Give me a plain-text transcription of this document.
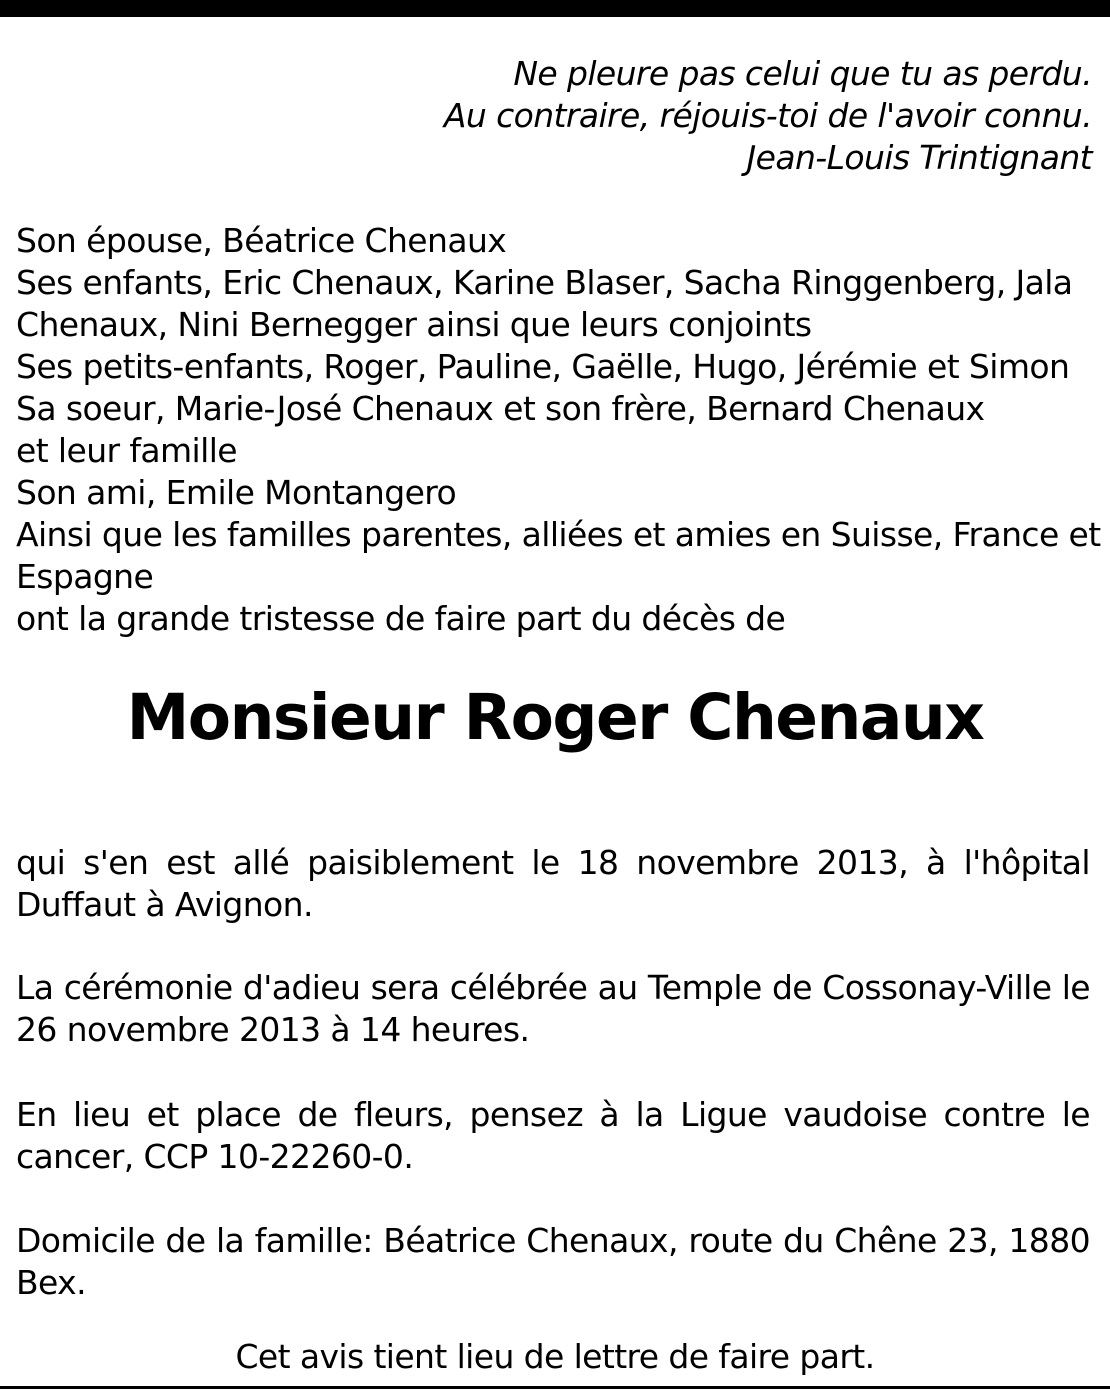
Ne pleure pas celui que tu as perdu.
Au contraire, réjouis-toi de l'avoir connu.
Jean-Louis Trintignant
Son épouse, Béatrice Chenaux
Ses enfants, Eric Chenaux, Karine Blaser, Sacha Ringgenberg, Jala
Chenaux, Nini Bernegger ainsi que leurs conjoints
Ses petits-enfants, Roger, Pauline, Gaëlle, Hugo, Jérémie et Simon
Sa soeur, Marie-José Chenaux et son frère, Bernard Chenaux
et leur famille
Son ami, Emile Montangero
Ainsi que les familles parentes, alliées et amies en Suisse, France et
Espagne
ont la grande tristesse de faire part du décès de
Monsieur Roger Chenaux
qui s'en est allé paisiblement le 18 novembre 2013, à l'hôpital Duffaut à Avignon.
La cérémonie d'adieu sera célébrée au Temple de Cossonay-Ville le 26 novembre 2013 à 14 heures.
En lieu et place de fleurs, pensez à la Ligue vaudoise contre le cancer, CCP 10-22260-0.
Domicile de la famille: Béatrice Chenaux, route du Chêne 23, 1880 Bex.
Cet avis tient lieu de lettre de faire part.
